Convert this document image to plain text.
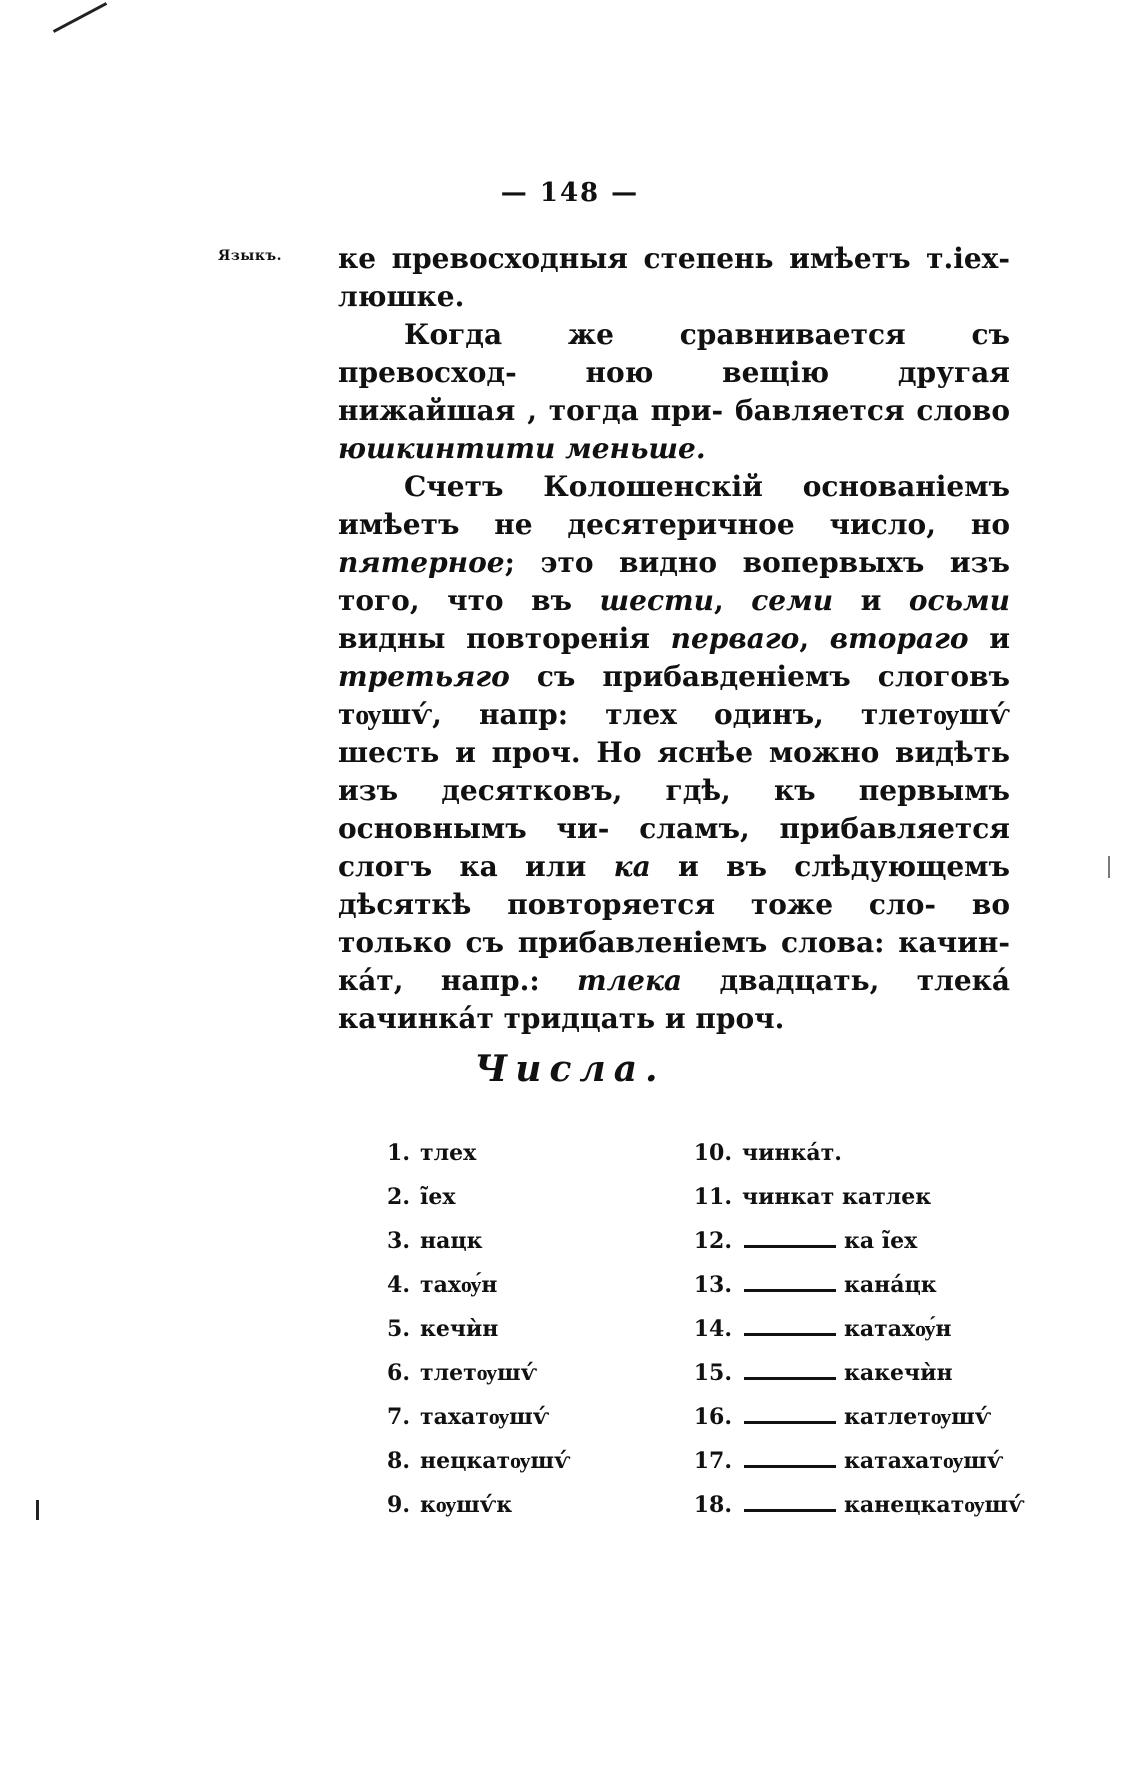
— 148 —
Языкъ. ке превосходныя степень имѣетъ т.iех- люшке.

Когда же сравниваетcя съ превосход- ною вещiю другая нижайшая , тогда при- бавляется слово юшкинтити меньше.

Счетъ Колошенскiй основанiемъ имѣетъ не десятеричное число, но пятерное; это видно вопервыхъ изъ того, что въ шести, семи и осьми видны повторенiя перваго, втораго и третьяго съ прибавденiемъ слоговъ тѹшѵ́, напр: тлех одинъ, тлетѹшѵ́ шесть и проч. Но яснѣе можно видѣть изъ десятковъ, гдѣ, къ первымъ основнымъ чи- сламъ, прибавляется слогъ ка или ка и въ слѣдующемъ дѣсяткѣ повторяется тоже сло- во только съ прибавленiемъ слова: качин- ка́т, напр.: тлека двадцать, тлека́ качинка́т тридцать и проч.

Числа.
1. тлех
2. ı̃ех
3. нацк
4. тахѹ́н
5. кечѝн
6. тлетѹшѵ́
7. тахатѹшѵ́
8. нецкатѹшѵ́
9. кѹшѵ́к
10. чинка́т.
11. чинкат катлек
12.	ка ı̃ех
13.	кана́цк
14.	катахѹ́н
15.	какечѝн
16.	катлетѹшѵ́
17.	катахатѹшѵ́
18.	канецкатѹшѵ́
